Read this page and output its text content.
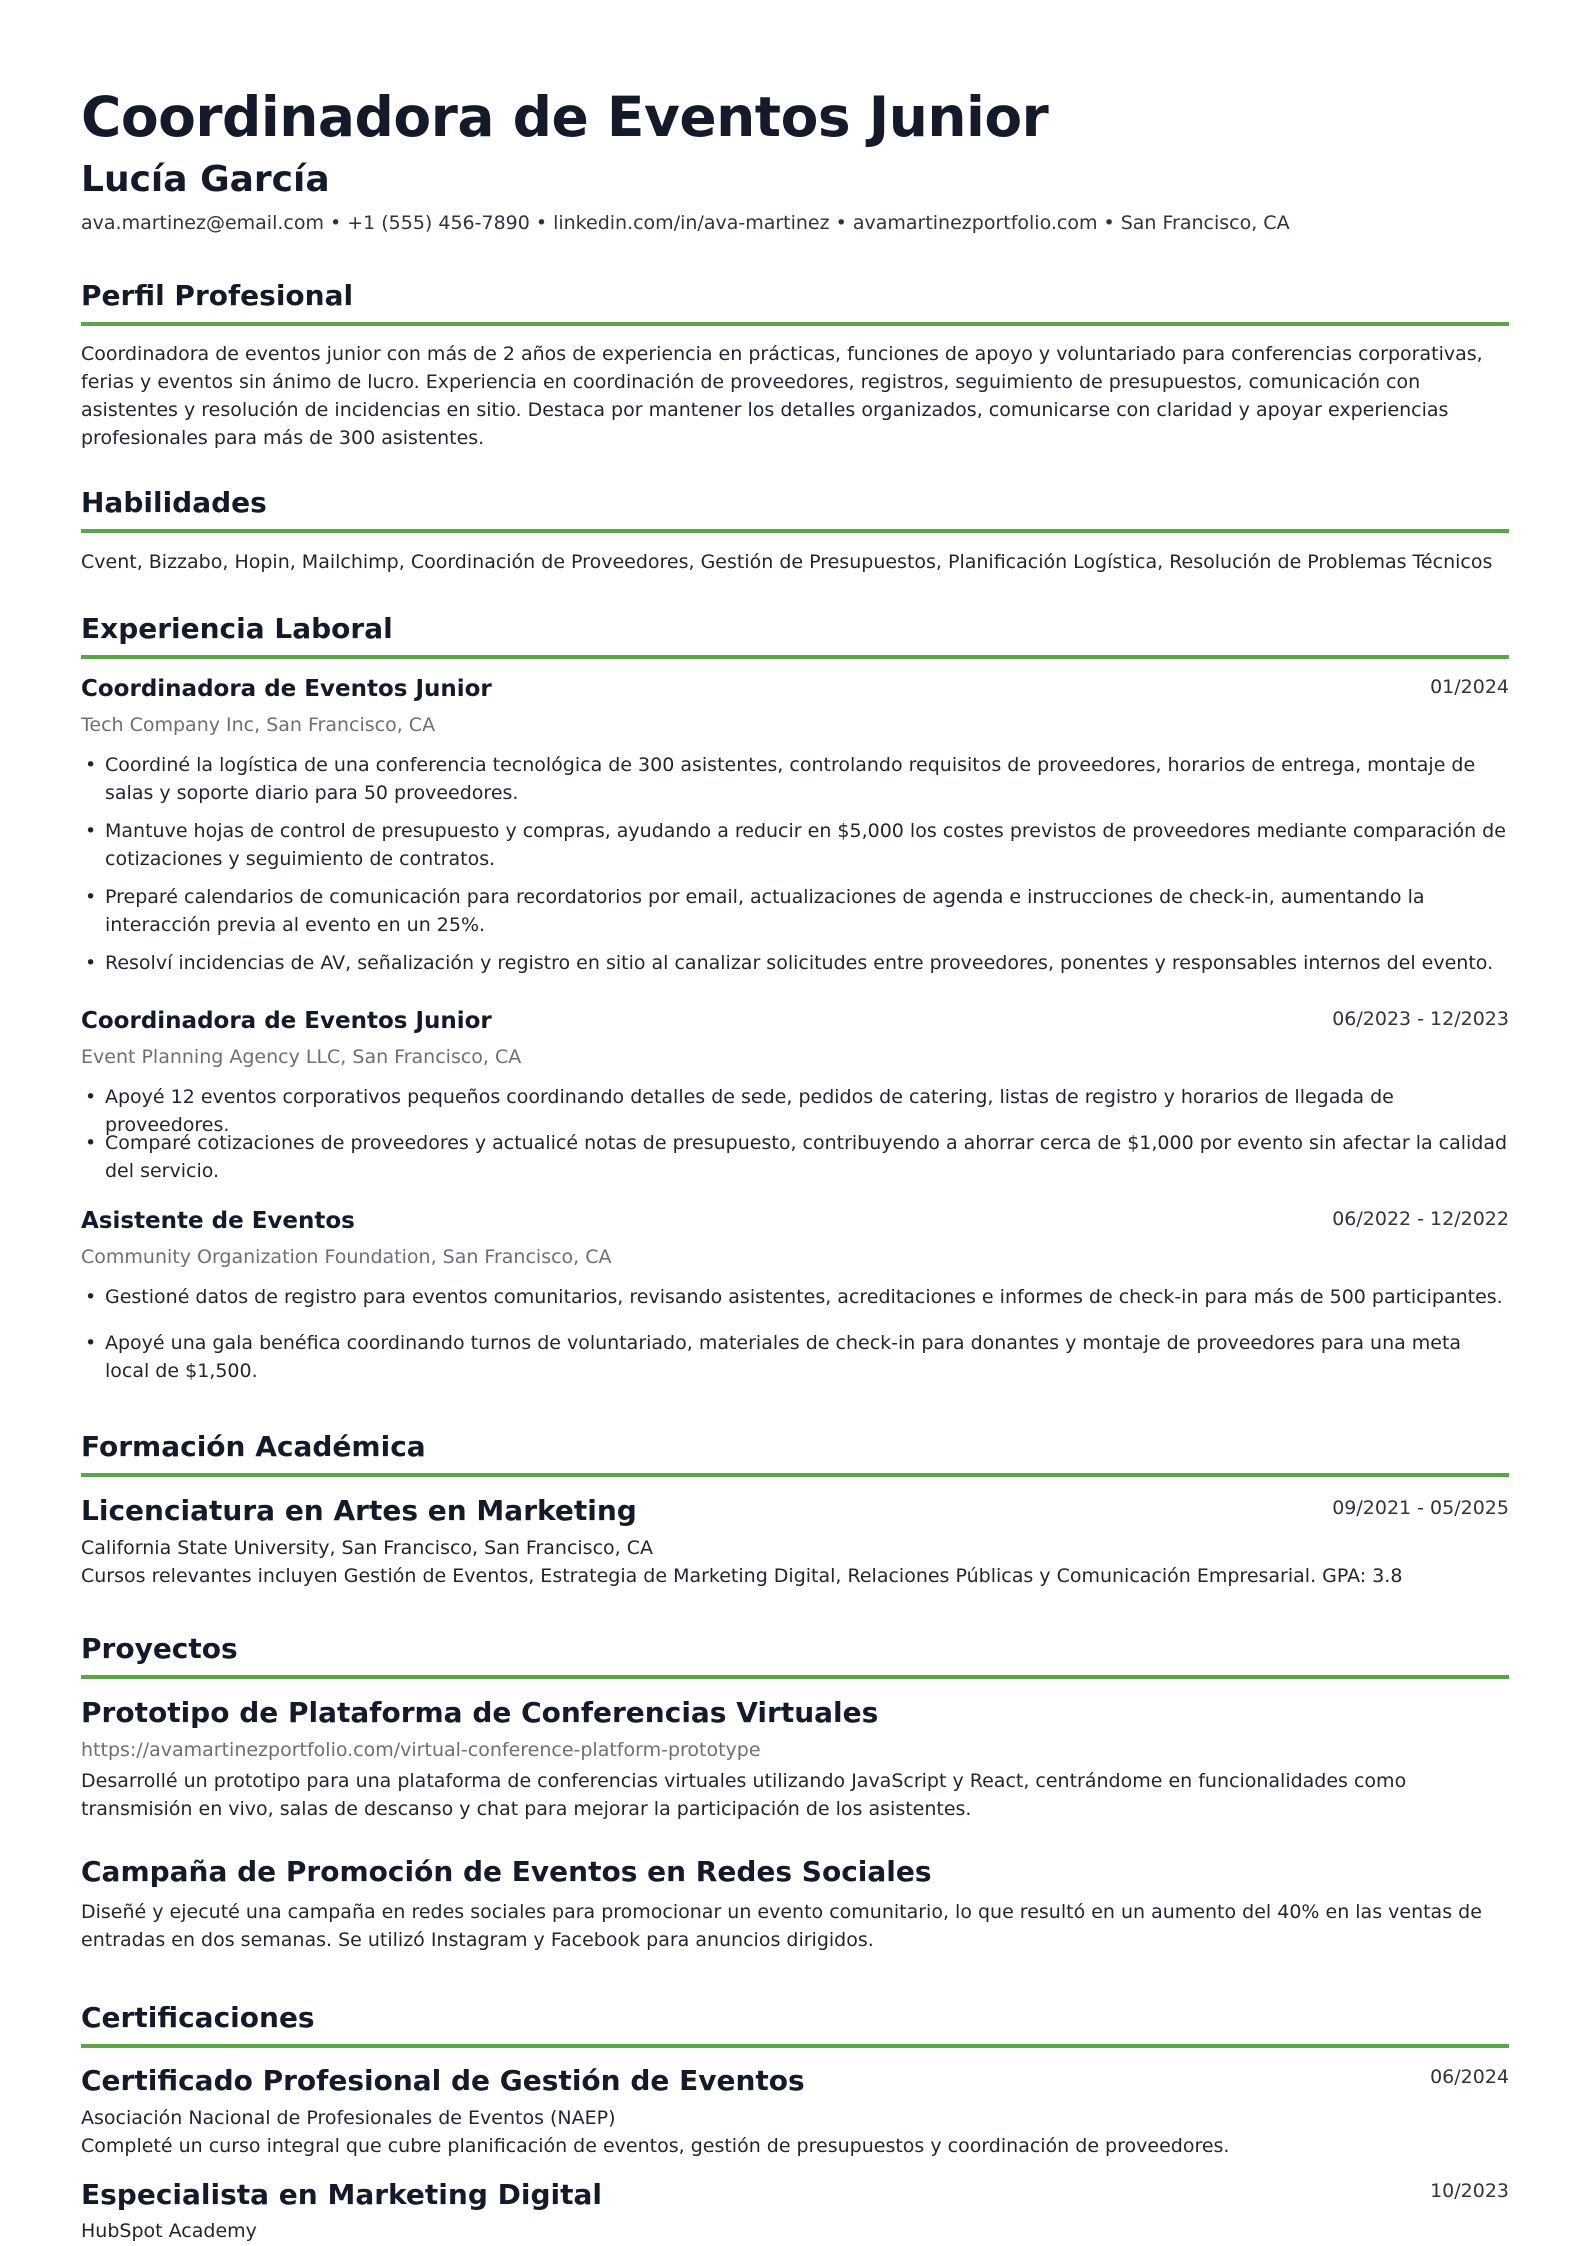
Coordinadora de Eventos Junior
Lucía García
ava.martinez@email.com • +1 (555) 456-7890 • linkedin.com/in/ava-martinez • avamartinezportfolio.com • San Francisco, CA
Perfil Profesional
Coordinadora de eventos junior con más de 2 años de experiencia en prácticas, funciones de apoyo y voluntariado para conferencias corporativas, ferias y eventos sin ánimo de lucro. Experiencia en coordinación de proveedores, registros, seguimiento de presupuestos, comunicación con asistentes y resolución de incidencias en sitio. Destaca por mantener los detalles organizados, comunicarse con claridad y apoyar experiencias profesionales para más de 300 asistentes.
Habilidades
Cvent, Bizzabo, Hopin, Mailchimp, Coordinación de Proveedores, Gestión de Presupuestos, Planificación Logística, Resolución de Problemas Técnicos
Experiencia Laboral
Coordinadora de Eventos Junior	01/2024
Tech Company Inc, San Francisco, CA
• Coordiné la logística de una conferencia tecnológica de 300 asistentes, controlando requisitos de proveedores, horarios de entrega, montaje de salas y soporte diario para 50 proveedores.
• Mantuve hojas de control de presupuesto y compras, ayudando a reducir en $5,000 los costes previstos de proveedores mediante comparación de cotizaciones y seguimiento de contratos.
• Preparé calendarios de comunicación para recordatorios por email, actualizaciones de agenda e instrucciones de check-in, aumentando la interacción previa al evento en un 25%.
• Resolví incidencias de AV, señalización y registro en sitio al canalizar solicitudes entre proveedores, ponentes y responsables internos del evento.
Coordinadora de Eventos Junior	06/2023 - 12/2023
Event Planning Agency LLC, San Francisco, CA
• Apoyé 12 eventos corporativos pequeños coordinando detalles de sede, pedidos de catering, listas de registro y horarios de llegada de proveedores.
• Comparé cotizaciones de proveedores y actualicé notas de presupuesto, contribuyendo a ahorrar cerca de $1,000 por evento sin afectar la calidad del servicio.
Asistente de Eventos	06/2022 - 12/2022
Community Organization Foundation, San Francisco, CA
• Gestioné datos de registro para eventos comunitarios, revisando asistentes, acreditaciones e informes de check-in para más de 500 participantes.
• Apoyé una gala benéfica coordinando turnos de voluntariado, materiales de check-in para donantes y montaje de proveedores para una meta local de $1,500.
Formación Académica
Licenciatura en Artes en Marketing	09/2021 - 05/2025
California State University, San Francisco, San Francisco, CA
Cursos relevantes incluyen Gestión de Eventos, Estrategia de Marketing Digital, Relaciones Públicas y Comunicación Empresarial. GPA: 3.8
Proyectos
Prototipo de Plataforma de Conferencias Virtuales
https://avamartinezportfolio.com/virtual-conference-platform-prototype
Desarrollé un prototipo para una plataforma de conferencias virtuales utilizando JavaScript y React, centrándome en funcionalidades como transmisión en vivo, salas de descanso y chat para mejorar la participación de los asistentes.
Campaña de Promoción de Eventos en Redes Sociales
Diseñé y ejecuté una campaña en redes sociales para promocionar un evento comunitario, lo que resultó en un aumento del 40% en las ventas de entradas en dos semanas. Se utilizó Instagram y Facebook para anuncios dirigidos.
Certificaciones
Certificado Profesional de Gestión de Eventos	06/2024
Asociación Nacional de Profesionales de Eventos (NAEP)
Completé un curso integral que cubre planificación de eventos, gestión de presupuestos y coordinación de proveedores.
Especialista en Marketing Digital	10/2023
HubSpot Academy
